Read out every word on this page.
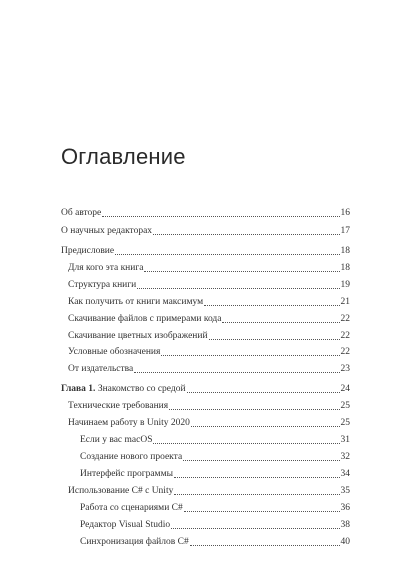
Оглавление
Об авторе	16
О научных редакторах	17
Предисловие	18
Для кого эта книга	18
Структура книги	19
Как получить от книги максимум	21
Скачивание файлов с примерами кода	22
Скачивание цветных изображений	22
Условные обозначения	22
От издательства	23
Глава 1. Знакомство со средой	24
Технические требования	25
Начинаем работу в Unity 2020	25
Если у вас macOS	31
Создание нового проекта	32
Интерфейс программы	34
Использование C# с Unity	35
Работа со сценариями C#	36
Редактор Visual Studio	38
Синхронизация файлов C#	40
